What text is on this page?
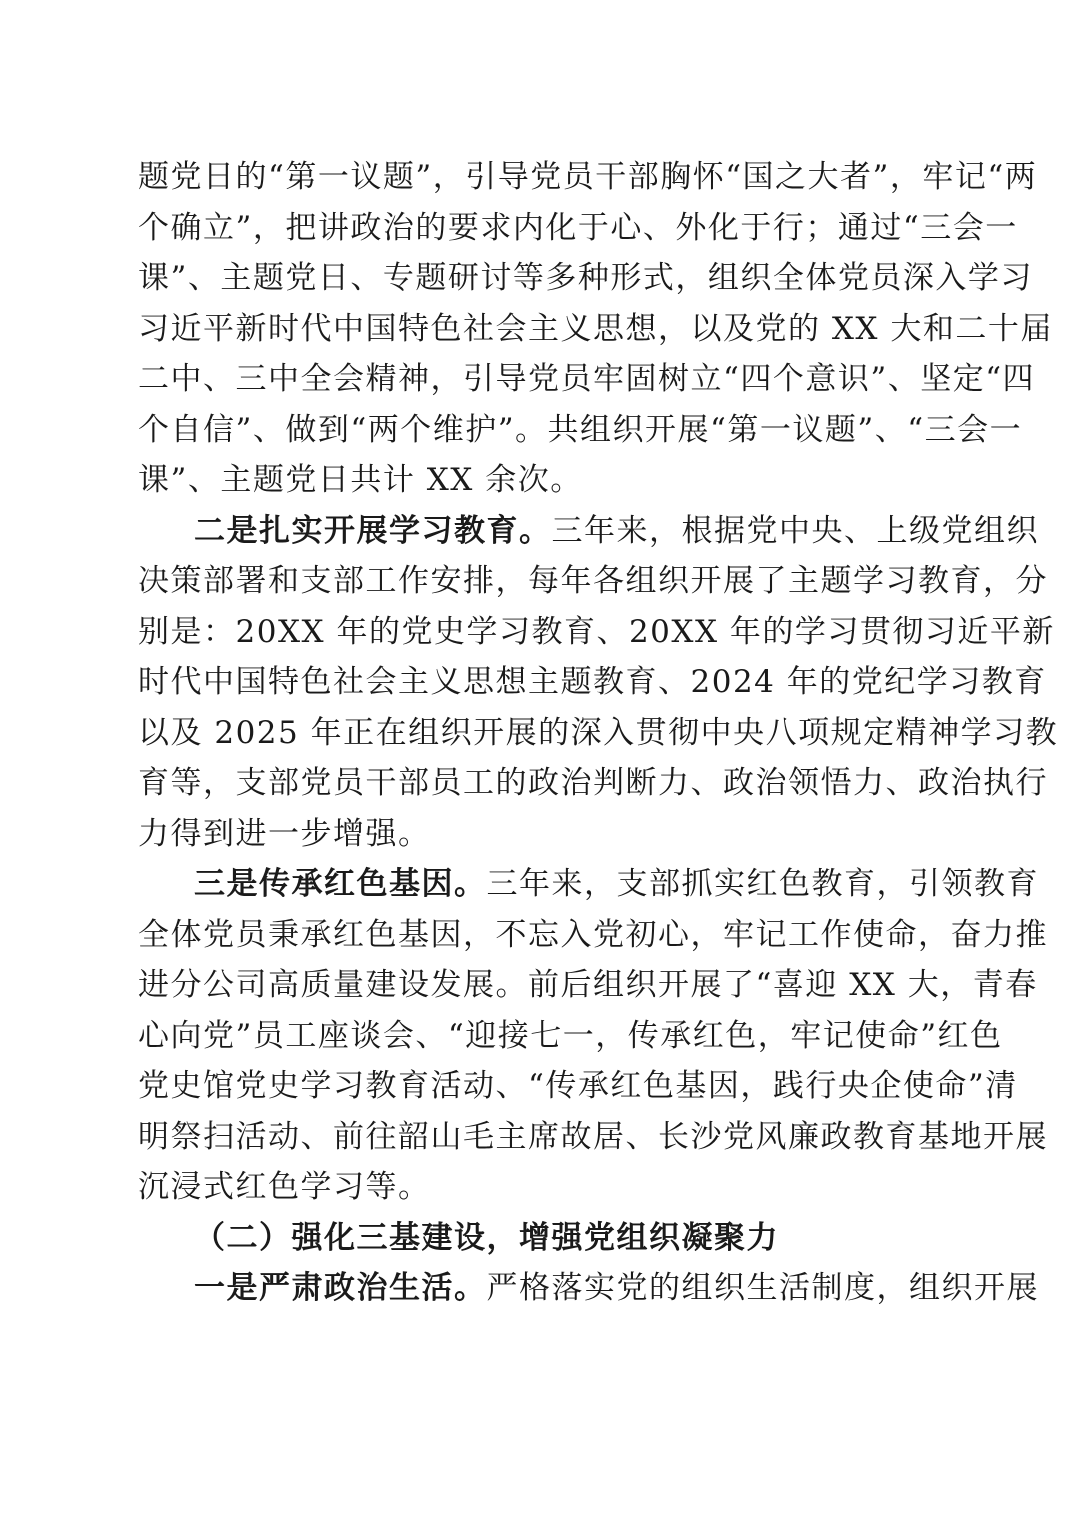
题党日的“第一议题”，引导党员干部胸怀“国之大者”，牢记“两
个确立”，把讲政治的要求内化于心、外化于行；通过“三会一
课”、主题党日、专题研讨等多种形式，组织全体党员深入学习
习近平新时代中国特色社会主义思想，以及党的 XX 大和二十届
二中、三中全会精神，引导党员牢固树立“四个意识”、坚定“四
个自信”、做到“两个维护”。共组织开展“第一议题”、“三会一
课”、主题党日共计 XX 余次。
二是扎实开展学习教育。三年来，根据党中央、上级党组织
决策部署和支部工作安排，每年各组织开展了主题学习教育，分
别是：20XX 年的党史学习教育、20XX 年的学习贯彻习近平新
时代中国特色社会主义思想主题教育、2024 年的党纪学习教育
以及 2025 年正在组织开展的深入贯彻中央八项规定精神学习教
育等，支部党员干部员工的政治判断力、政治领悟力、政治执行
力得到进一步增强。
三是传承红色基因。三年来，支部抓实红色教育，引领教育
全体党员秉承红色基因，不忘入党初心，牢记工作使命，奋力推
进分公司高质量建设发展。前后组织开展了“喜迎 XX 大，青春
心向党”员工座谈会、“迎接七一，传承红色，牢记使命”红色
党史馆党史学习教育活动、“传承红色基因，践行央企使命”清
明祭扫活动、前往韶山毛主席故居、长沙党风廉政教育基地开展
沉浸式红色学习等。
（二）强化三基建设，增强党组织凝聚力
一是严肃政治生活。严格落实党的组织生活制度，组织开展
